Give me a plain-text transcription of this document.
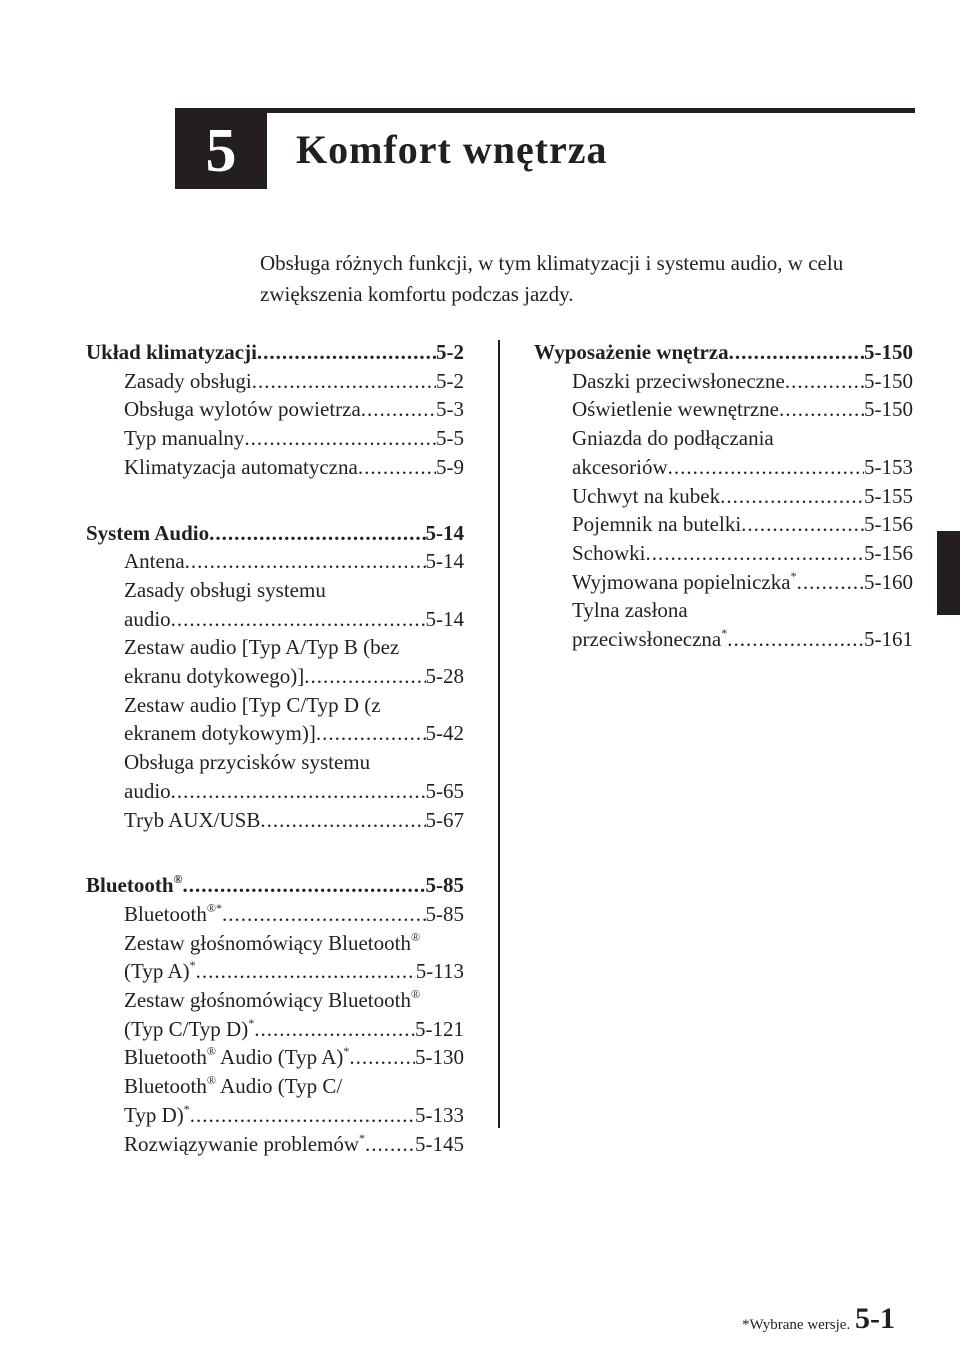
5	Komfort wnętrza
Obsługa różnych funkcji, w tym klimatyzacji i systemu audio, w celu
zwiększenia komfortu podczas jazdy.
Układ klimatyzacji .....	5-2
Zasady obsługi .....	5-2
Obsługa wylotów powietrza .....	5-3
Typ manualny .....	5-5
Klimatyzacja automatyczna .....	5-9
System Audio .....	5-14
Antena .....	5-14
Zasady obsługi systemu
audio .....	5-14
Zestaw audio [Typ A/Typ B (bez
ekranu dotykowego)] .....	5-28
Zestaw audio [Typ C/Typ D (z
ekranem dotykowym)] .....	5-42
Obsługa przycisków systemu
audio .....	5-65
Tryb AUX/USB .....	5-67
Bluetooth® .....	5-85
Bluetooth®* .....	5-85
Zestaw głośnomówiący Bluetooth®
(Typ A)* .....	5-113
Zestaw głośnomówiący Bluetooth®
(Typ C/Typ D)* .....	5-121
Bluetooth® Audio (Typ A)* .....	5-130
Bluetooth® Audio (Typ C/
Typ D)* .....	5-133
Rozwiązywanie problemów* ..... 5-145
Wyposażenie wnętrza .....	5-150
Daszki przeciwsłoneczne .....	5-150
Oświetlenie wewnętrzne .....	5-150
Gniazda do podłączania
akcesoriów .....	5-153
Uchwyt na kubek .....	5-155
Pojemnik na butelki .....	5-156
Schowki .....	5-156
Wyjmowana popielniczka* .....	5-160
Tylna zasłona
przeciwsłoneczna* .....	5-161
*Wybrane wersje. 5-1
